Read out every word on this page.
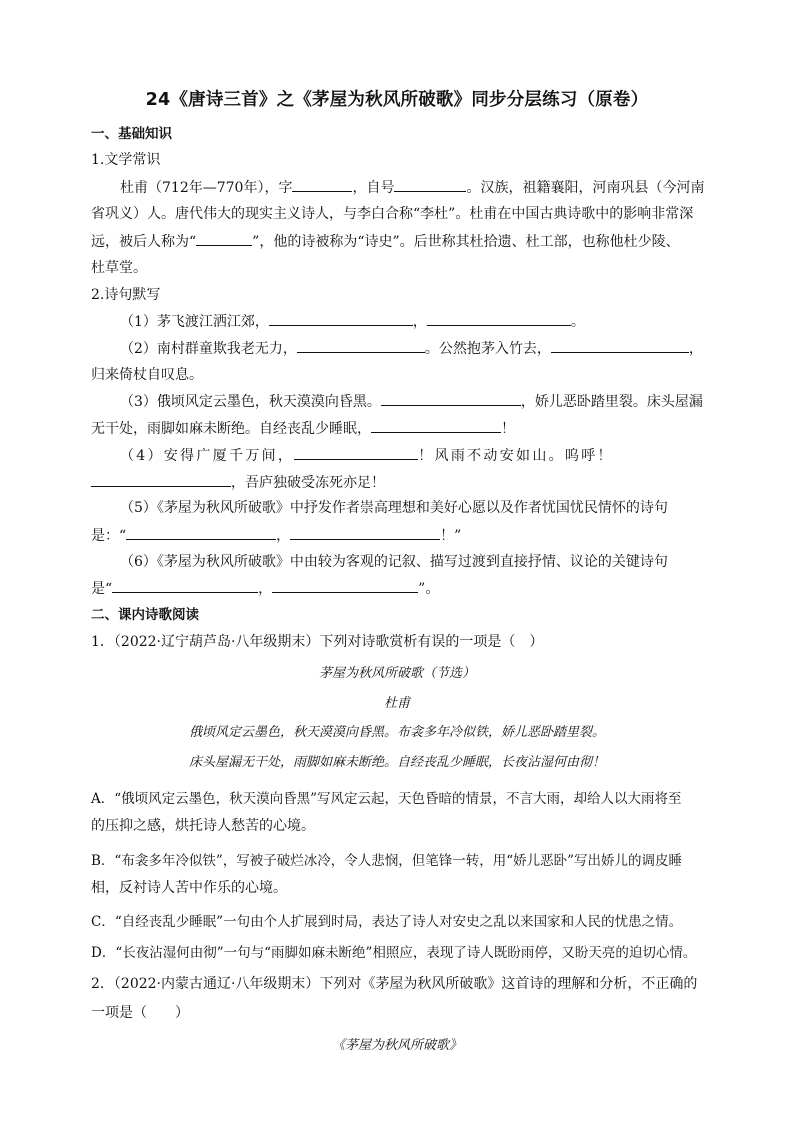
24《唐诗三首》之《茅屋为秋风所破歌》同步分层练习（原卷）
一、基础知识
1.文学常识
杜甫（712年—770年），字	，自号	。汉族，祖籍襄阳，河南巩县（今河南
省巩义）人。唐代伟大的现实主义诗人，与李白合称“李杜”。杜甫在中国古典诗歌中的影响非常深
远，被后人称为“	”，他的诗被称为“诗史”。后世称其杜拾遗、杜工部，也称他杜少陵、
杜草堂。
2.诗句默写
（1）茅飞渡江洒江郊，	，	。
（2）南村群童欺我老无力，	。公然抱茅入竹去，	，
归来倚杖自叹息。
（3）俄顷风定云墨色，秋天漠漠向昏黑。	，娇儿恶卧踏里裂。床头屋漏
无干处，雨脚如麻未断绝。自经丧乱少睡眠，	！
（4）安得广厦千万间，	！风雨不动安如山。呜呼！
，吾庐独破受冻死亦足！
（5）《茅屋为秋风所破歌》中抒发作者崇高理想和美好心愿以及作者忧国忧民情怀的诗句
是：“	，	！”
（6）《茅屋为秋风所破歌》中由较为客观的记叙、描写过渡到直接抒情、议论的关键诗句
是“	，	”。
二、课内诗歌阅读
1．（2022·辽宁葫芦岛·八年级期末）下列对诗歌赏析有误的一项是（　）
茅屋为秋风所破歌（节选）
杜甫
俄顷风定云墨色，秋天漠漠向昏黑。布衾多年冷似铁，娇儿恶卧踏里裂。
床头屋漏无干处，雨脚如麻未断绝。自经丧乱少睡眠，长夜沾湿何由彻！
A．“俄顷风定云墨色，秋天漠向昏黑”写风定云起，天色昏暗的情景，不言大雨，却给人以大雨将至
的压抑之感，烘托诗人愁苦的心境。
B．“布衾多年冷似铁”，写被子破烂冰冷，令人悲悯，但笔锋一转，用“娇儿恶卧”写出娇儿的调皮睡
相，反衬诗人苦中作乐的心境。
C．“自经丧乱少睡眠”一句由个人扩展到时局，表达了诗人对安史之乱以来国家和人民的忧患之情。
D．“长夜沾湿何由彻”一句与“雨脚如麻未断绝”相照应，表现了诗人既盼雨停，又盼天亮的迫切心情。
2．（2022·内蒙古通辽·八年级期末）下列对《茅屋为秋风所破歌》这首诗的理解和分析，不正确的
一项是（　　）
《茅屋为秋风所破歌》
